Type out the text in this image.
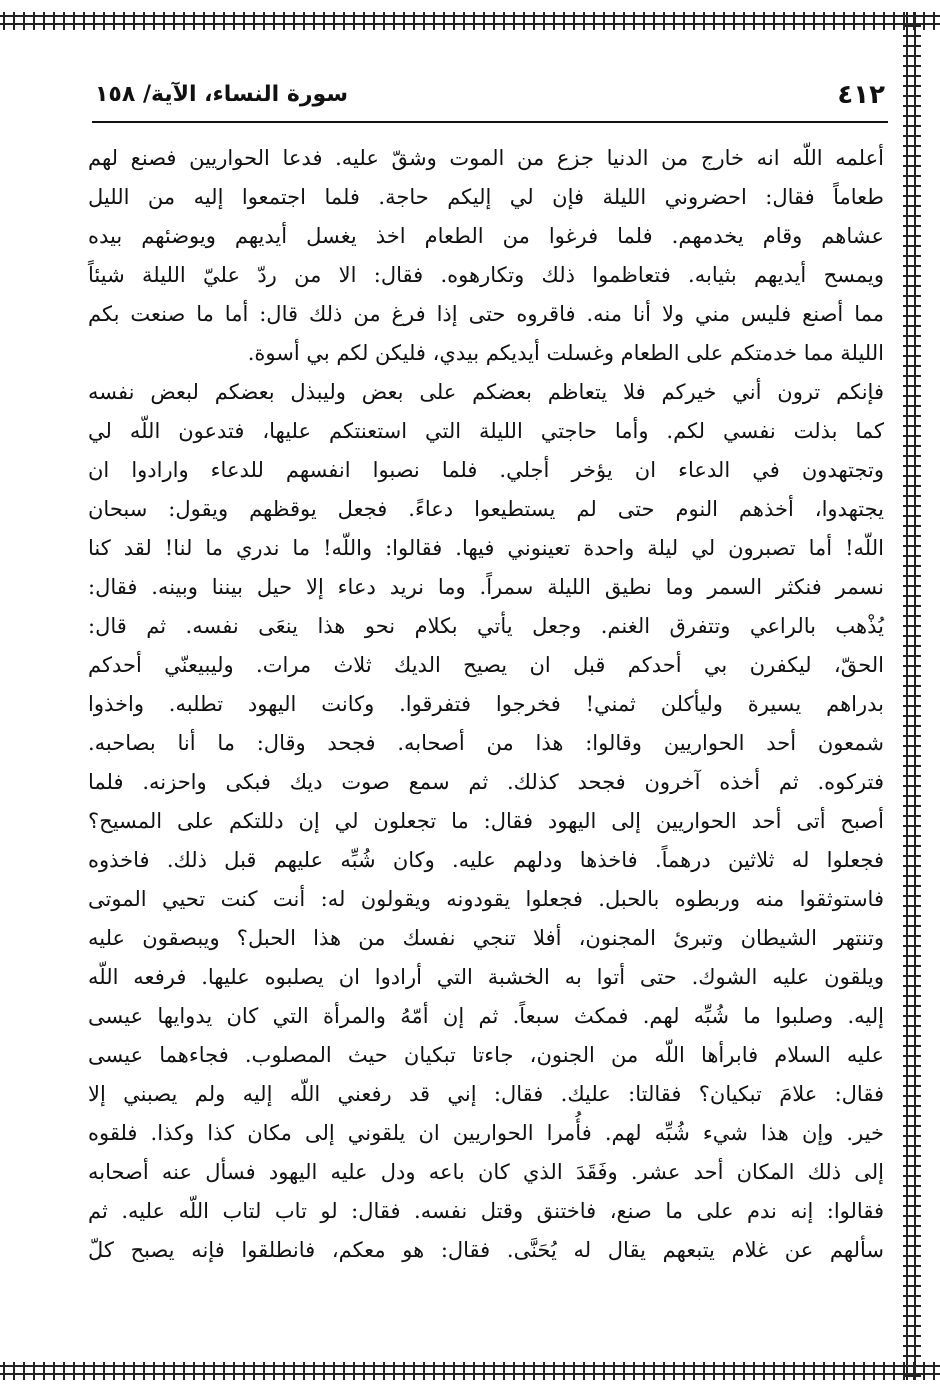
٤١٢
سورة النساء، الآية/ ١٥٨
أعلمه اللّه انه خارج من الدنيا جزع من الموت وشقّ عليه. فدعا الحواريين فصنع لهم
طعاماً فقال: احضروني الليلة فإن لي إليكم حاجة. فلما اجتمعوا إليه من الليل
عشاهم وقام يخدمهم. فلما فرغوا من الطعام اخذ يغسل أيديهم ويوضئهم بيده
ويمسح أيديهم بثيابه. فتعاظموا ذلك وتكارهوه. فقال: الا من ردّ عليّ الليلة شيئاً
مما أصنع فليس مني ولا أنا منه. فاقروه حتى إذا فرغ من ذلك قال: أما ما صنعت بكم
الليلة مما خدمتكم على الطعام وغسلت أيديكم بيدي، فليكن لكم بي أسوة.
فإنكم ترون أني خيركم فلا يتعاظم بعضكم على بعض وليبذل بعضكم لبعض نفسه
كما بذلت نفسي لكم. وأما حاجتي الليلة التي استعنتكم عليها، فتدعون اللّه لي
وتجتهدون في الدعاء ان يؤخر أجلي. فلما نصبوا انفسهم للدعاء وارادوا ان
يجتهدوا، أخذهم النوم حتى لم يستطيعوا دعاءً. فجعل يوقظهم ويقول: سبحان
اللّه! أما تصبرون لي ليلة واحدة تعينوني فيها. فقالوا: واللّه! ما ندري ما لنا! لقد كنا
نسمر فنكثر السمر وما نطيق الليلة سمراً. وما نريد دعاء إلا حيل بيننا وبينه. فقال:
يُذْهب بالراعي وتتفرق الغنم. وجعل يأتي بكلام نحو هذا ينعَى نفسه. ثم قال:
الحقّ، ليكفرن بي أحدكم قبل ان يصيح الديك ثلاث مرات. وليبيعنّي أحدكم
بدراهم يسيرة وليأكلن ثمني! فخرجوا فتفرقوا. وكانت اليهود تطلبه. واخذوا
شمعون أحد الحواريين وقالوا: هذا من أصحابه. فجحد وقال: ما أنا بصاحبه.
فتركوه. ثم أخذه آخرون فجحد كذلك. ثم سمع صوت ديك فبكى واحزنه. فلما
أصبح أتى أحد الحواريين إلى اليهود فقال: ما تجعلون لي إن دللتكم على المسيح؟
فجعلوا له ثلاثين درهماً. فاخذها ودلهم عليه. وكان شُبِّه عليهم قبل ذلك. فاخذوه
فاستوثقوا منه وربطوه بالحبل. فجعلوا يقودونه ويقولون له: أنت كنت تحيي الموتى
وتنتهر الشيطان وتبرئ المجنون، أفلا تنجي نفسك من هذا الحبل؟ ويبصقون عليه
ويلقون عليه الشوك. حتى أتوا به الخشبة التي أرادوا ان يصلبوه عليها. فرفعه اللّه
إليه. وصلبوا ما شُبِّه لهم. فمكث سبعاً. ثم إن أمّهُ والمرأة التي كان يدوايها عيسى
عليه السلام فابرأها اللّه من الجنون، جاءتا تبكيان حيث المصلوب. فجاءهما عيسى
فقال: علامَ تبكيان؟ فقالتا: عليك. فقال: إني قد رفعني اللّه إليه ولم يصبني إلا
خير. وإن هذا شيء شُبِّه لهم. فأُمرا الحواريين ان يلقوني إلى مكان كذا وكذا. فلقوه
إلى ذلك المكان أحد عشر. وفَقَدَ الذي كان باعه ودل عليه اليهود فسأل عنه أصحابه
فقالوا: إنه ندم على ما صنع، فاختنق وقتل نفسه. فقال: لو تاب لتاب اللّه عليه. ثم
سألهم عن غلام يتبعهم يقال له يُحَنَّى. فقال: هو معكم، فانطلقوا فإنه يصبح كلّ
